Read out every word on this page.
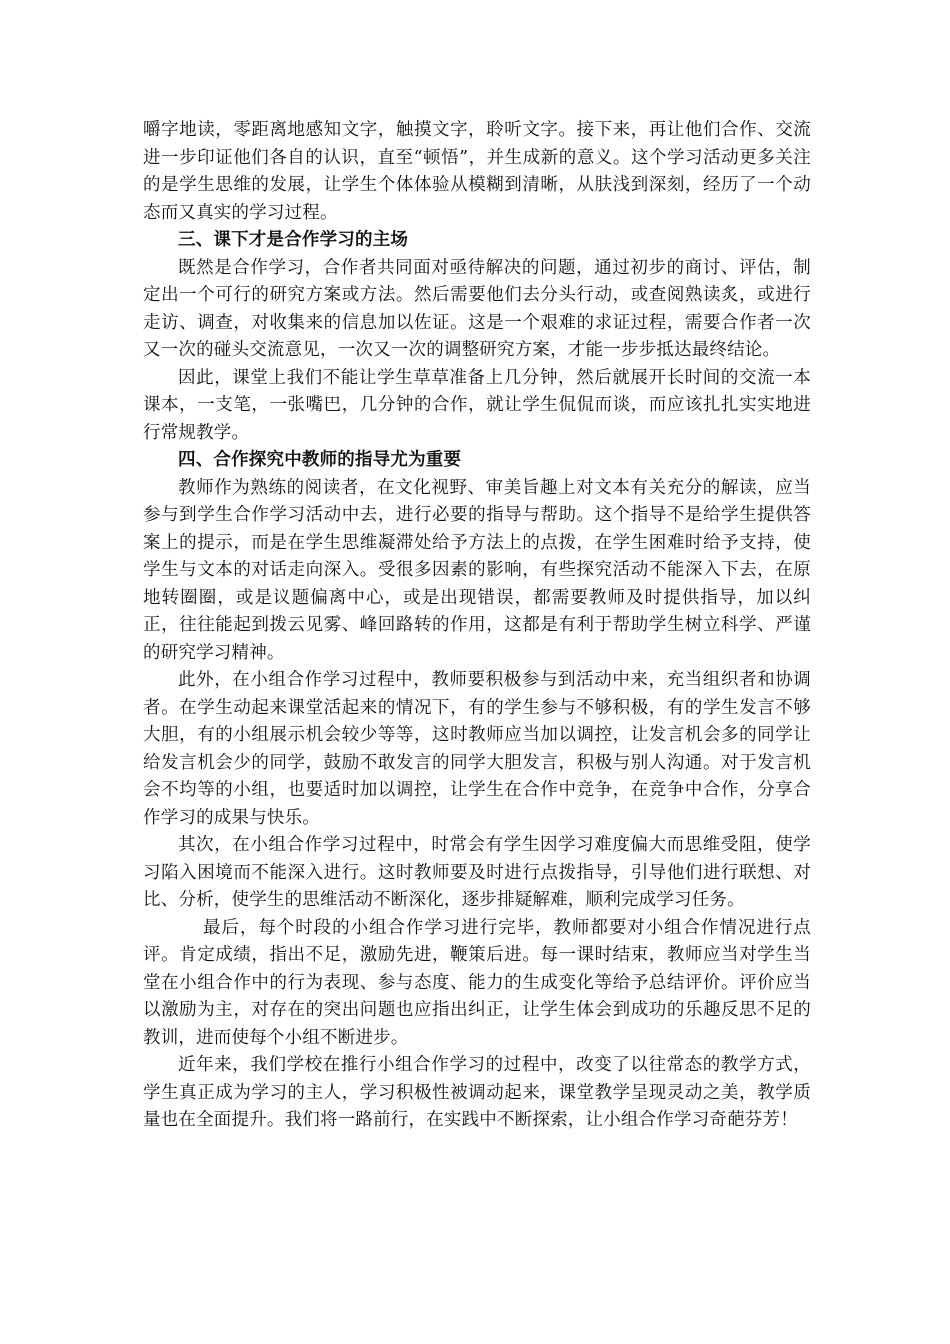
嚼字地读，零距离地感知文字，触摸文字，聆听文字。接下来，再让他们合作、交流进一步印证他们各自的认识，直至“顿悟”，并生成新的意义。这个学习活动更多关注的是学生思维的发展，让学生个体体验从模糊到清晰，从肤浅到深刻，经历了一个动态而又真实的学习过程。

三、课下才是合作学习的主场

既然是合作学习，合作者共同面对亟待解决的问题，通过初步的商讨、评估，制定出一个可行的研究方案或方法。然后需要他们去分头行动，或查阅熟读炙，或进行走访、调查，对收集来的信息加以佐证。这是一个艰难的求证过程，需要合作者一次又一次的碰头交流意见，一次又一次的调整研究方案，才能一步步抵达最终结论。

因此，课堂上我们不能让学生草草准备上几分钟，然后就展开长时间的交流一本课本，一支笔，一张嘴巴，几分钟的合作，就让学生侃侃而谈，而应该扎扎实实地进行常规教学。

四、合作探究中教师的指导尤为重要

教师作为熟练的阅读者，在文化视野、审美旨趣上对文本有关充分的解读，应当参与到学生合作学习活动中去，进行必要的指导与帮助。这个指导不是给学生提供答案上的提示，而是在学生思维凝滞处给予方法上的点拨，在学生困难时给予支持，使学生与文本的对话走向深入。受很多因素的影响，有些探究活动不能深入下去，在原地转圈圈，或是议题偏离中心，或是出现错误，都需要教师及时提供指导，加以纠正，往往能起到拨云见雾、峰回路转的作用，这都是有利于帮助学生树立科学、严谨的研究学习精神。

此外，在小组合作学习过程中，教师要积极参与到活动中来，充当组织者和协调者。在学生动起来课堂活起来的情况下，有的学生参与不够积极，有的学生发言不够大胆，有的小组展示机会较少等等，这时教师应当加以调控，让发言机会多的同学让给发言机会少的同学，鼓励不敢发言的同学大胆发言，积极与别人沟通。对于发言机会不均等的小组，也要适时加以调控，让学生在合作中竞争，在竞争中合作，分享合作学习的成果与快乐。

其次，在小组合作学习过程中，时常会有学生因学习难度偏大而思维受阻，使学习陷入困境而不能深入进行。这时教师要及时进行点拨指导，引导他们进行联想、对比、分析，使学生的思维活动不断深化，逐步排疑解难，顺利完成学习任务。

最后，每个时段的小组合作学习进行完毕，教师都要对小组合作情况进行点评。肯定成绩，指出不足，激励先进，鞭策后进。每一课时结束，教师应当对学生当堂在小组合作中的行为表现、参与态度、能力的生成变化等给予总结评价。评价应当以激励为主，对存在的突出问题也应指出纠正，让学生体会到成功的乐趣反思不足的教训，进而使每个小组不断进步。

近年来，我们学校在推行小组合作学习的过程中，改变了以往常态的教学方式，学生真正成为学习的主人，学习积极性被调动起来，课堂教学呈现灵动之美，教学质量也在全面提升。我们将一路前行，在实践中不断探索，让小组合作学习奇葩芬芳！
